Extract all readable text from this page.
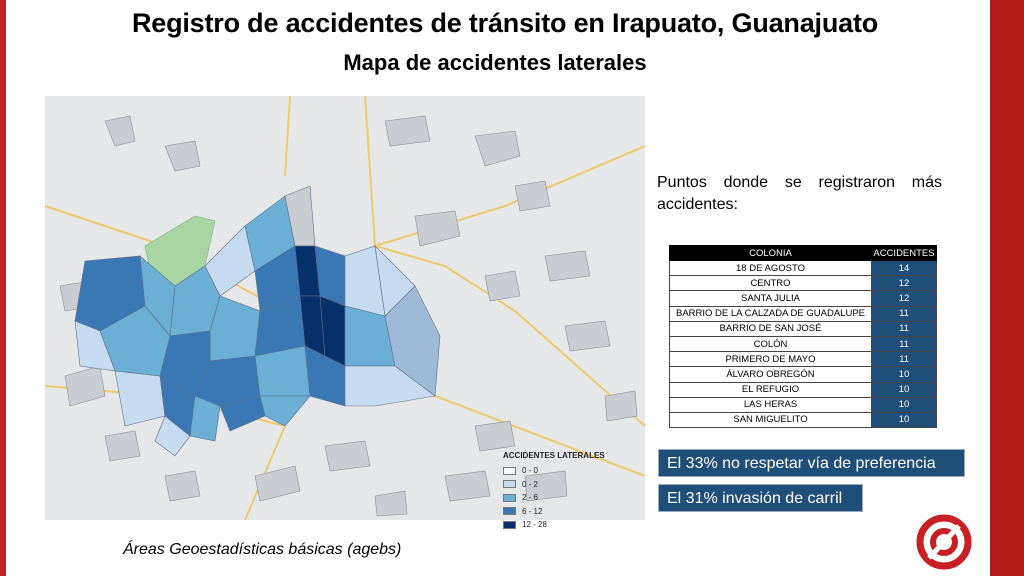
Registro de accidentes de tránsito en Irapuato, Guanajuato
Mapa de accidentes laterales
ACCIDENTES LATERALES
0 - 0
0 - 2
2 - 6
6 - 12
12 - 28
Puntos donde se registraron más accidentes:
COLONIA	ACCIDENTES
18 DE AGOSTO	14
CENTRO	12
SANTA JULIA	12
BARRIO DE LA CALZADA DE GUADALUPE	11
BARRIO DE SAN JOSÉ	11
COLÓN	11
PRIMERO DE MAYO	11
ÁLVARO OBREGÓN	10
EL REFUGIO	10
LAS HERAS	10
SAN MIGUELITO	10
El 33% no respetar vía de preferencia
El 31% invasión de carril
Áreas Geoestadísticas básicas (agebs)
